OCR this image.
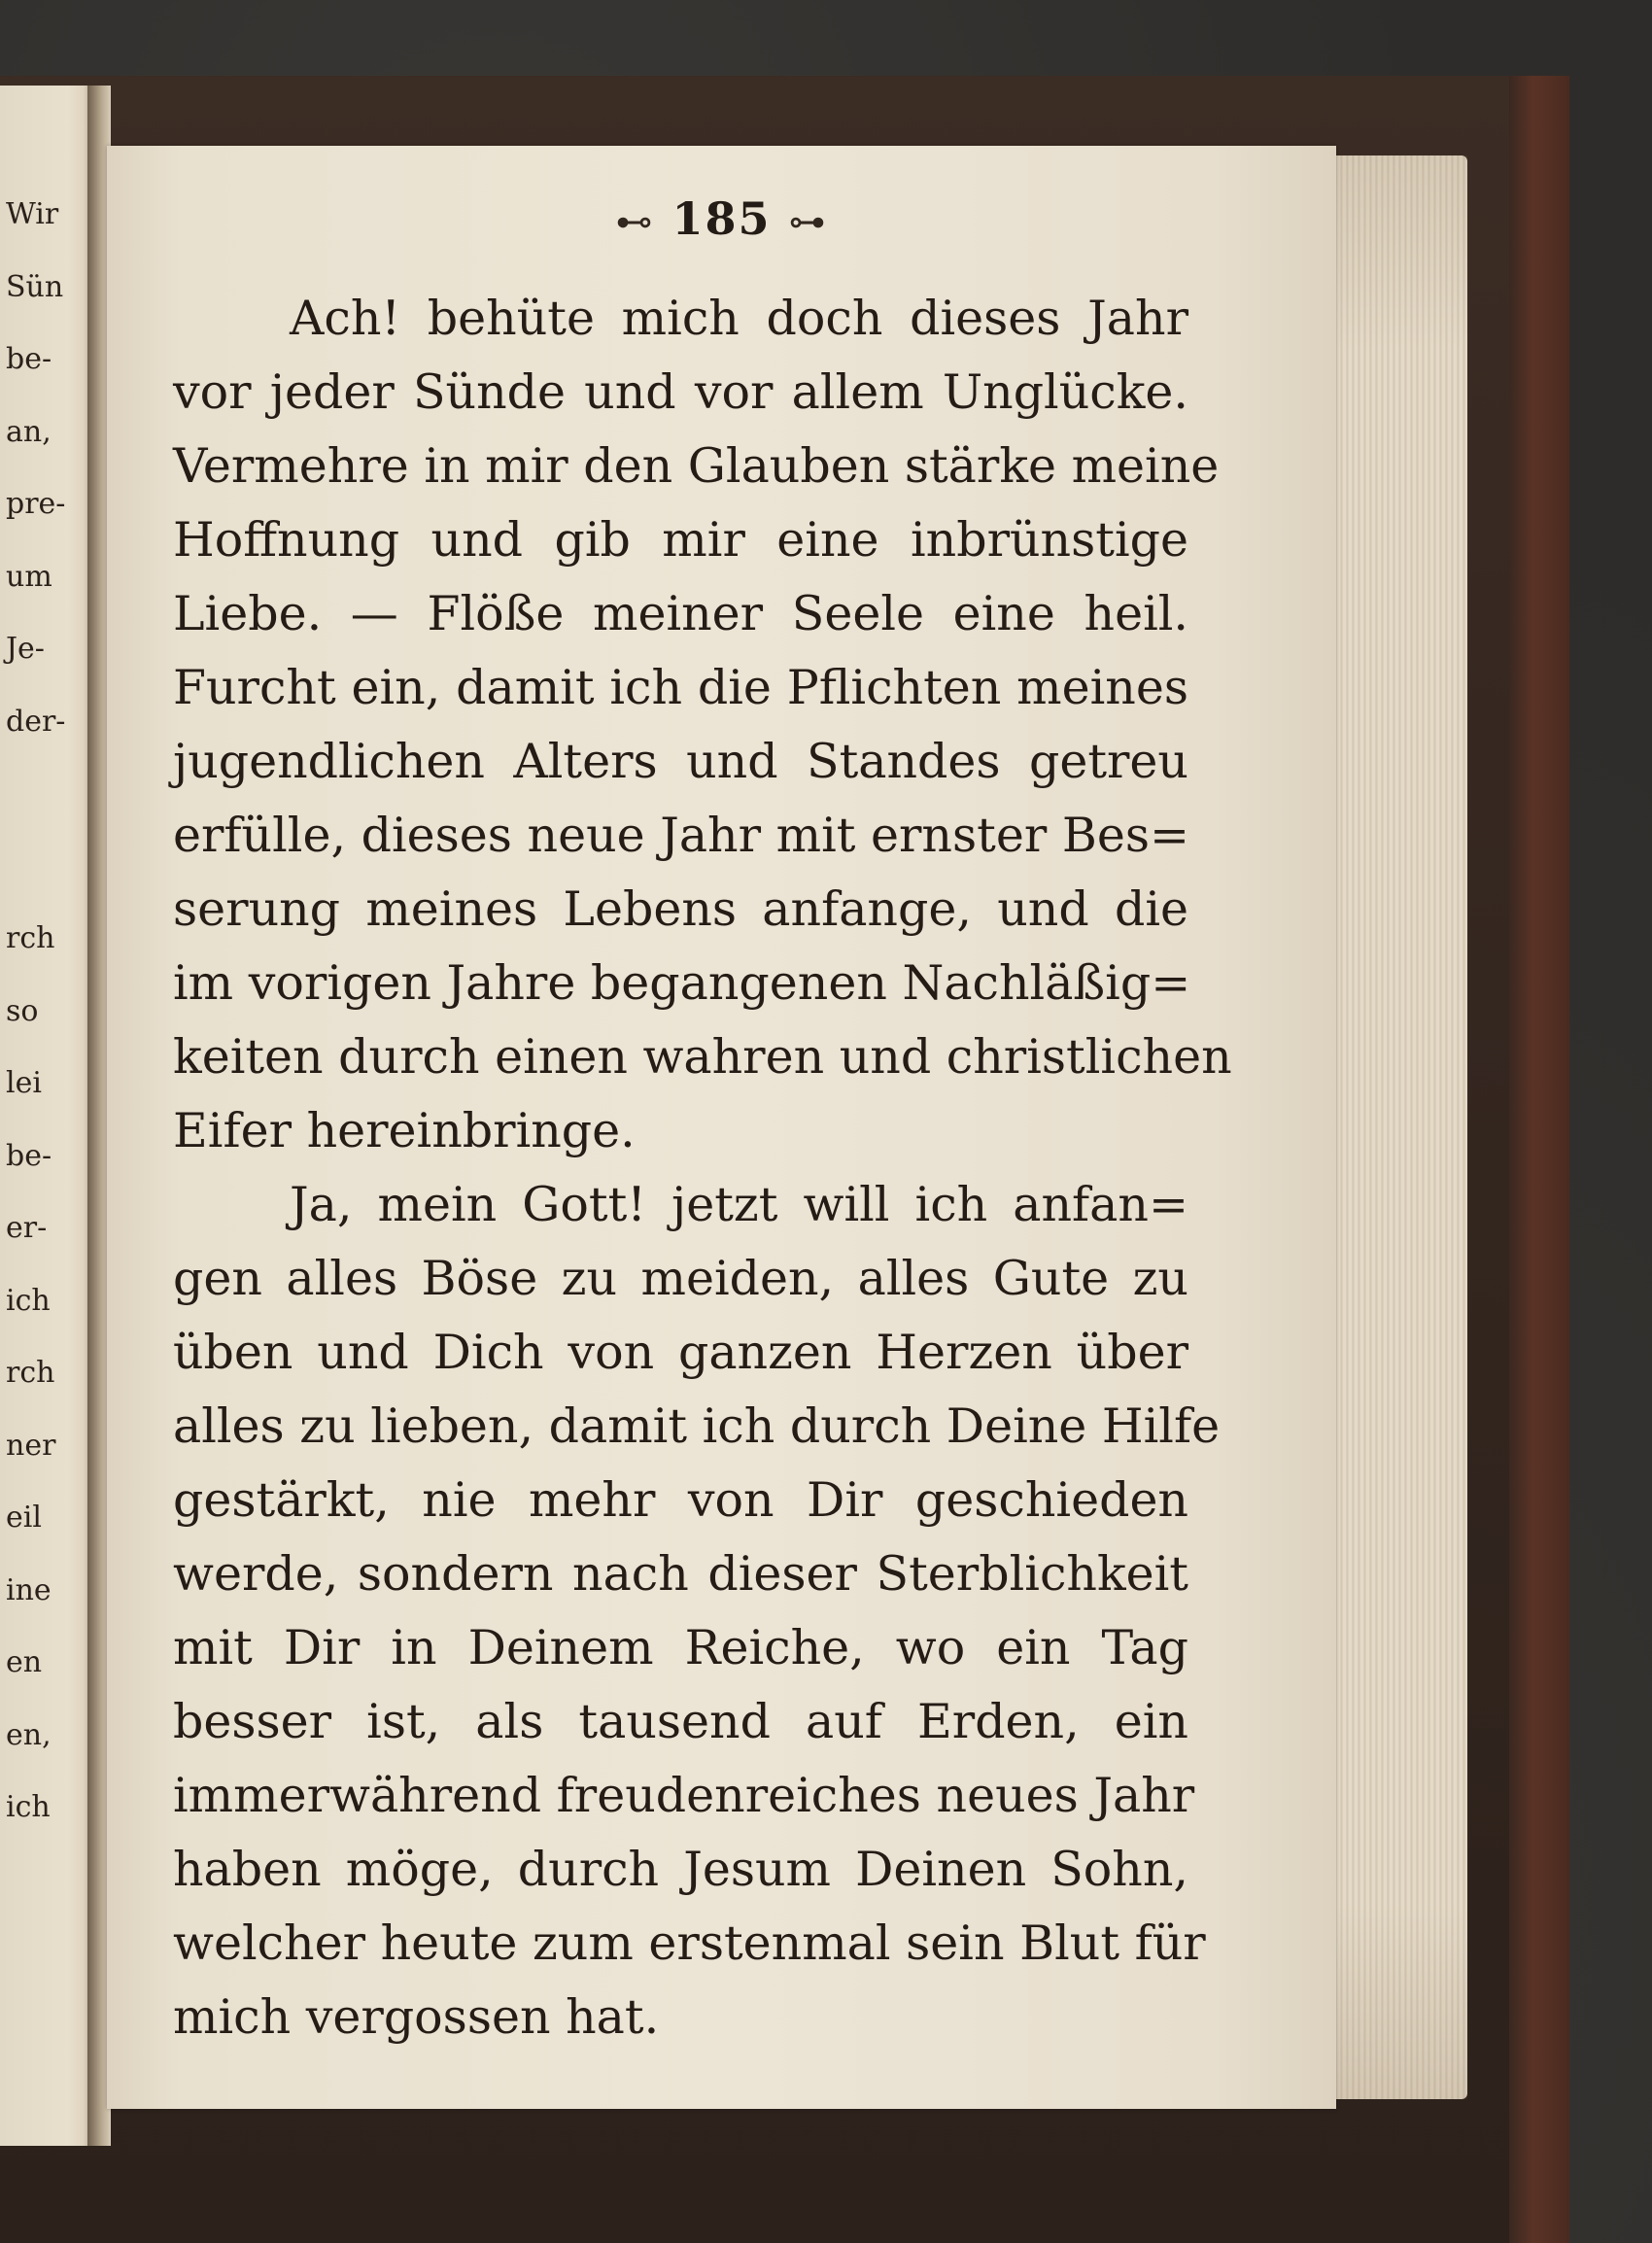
Wir
Sün
be-
an,
pre-
um
Je-
der-
rch
so
lei
be-
er-
ich
rch
ner
eil
ine
en
en,
ich
⊷ 185 ⊶
Ach! behüte mich doch dieses Jahr
vor jeder Sünde und vor allem Unglücke.
Vermehre in mir den Glauben stärke meine
Hoffnung und gib mir eine inbrünstige
Liebe. — Flöße meiner Seele eine heil.
Furcht ein, damit ich die Pflichten meines
jugendlichen Alters und Standes getreu
erfülle, dieses neue Jahr mit ernster Bes=
serung meines Lebens anfange, und die
im vorigen Jahre begangenen Nachläßig=
keiten durch einen wahren und christlichen
Eifer hereinbringe.
Ja, mein Gott! jetzt will ich anfan=
gen alles Böse zu meiden, alles Gute zu
üben und Dich von ganzen Herzen über
alles zu lieben, damit ich durch Deine Hilfe
gestärkt, nie mehr von Dir geschieden
werde, sondern nach dieser Sterblichkeit
mit Dir in Deinem Reiche, wo ein Tag
besser ist, als tausend auf Erden, ein
immerwährend freudenreiches neues Jahr
haben möge, durch Jesum Deinen Sohn,
welcher heute zum erstenmal sein Blut für
mich vergossen hat.
